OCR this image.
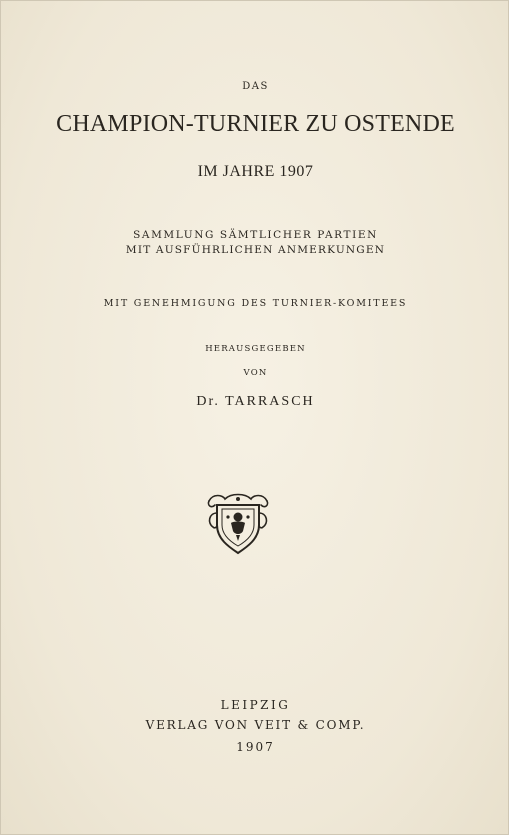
DAS
CHAMPION-TURNIER ZU OSTENDE
IM JAHRE 1907
SAMMLUNG SÄMTLICHER PARTIEN
MIT AUSFÜHRLICHEN ANMERKUNGEN
MIT GENEHMIGUNG DES TURNIER-KOMITEES
HERAUSGEGEBEN
VON
Dr. TARRASCH
LEIPZIG
VERLAG VON VEIT & COMP.
1907
